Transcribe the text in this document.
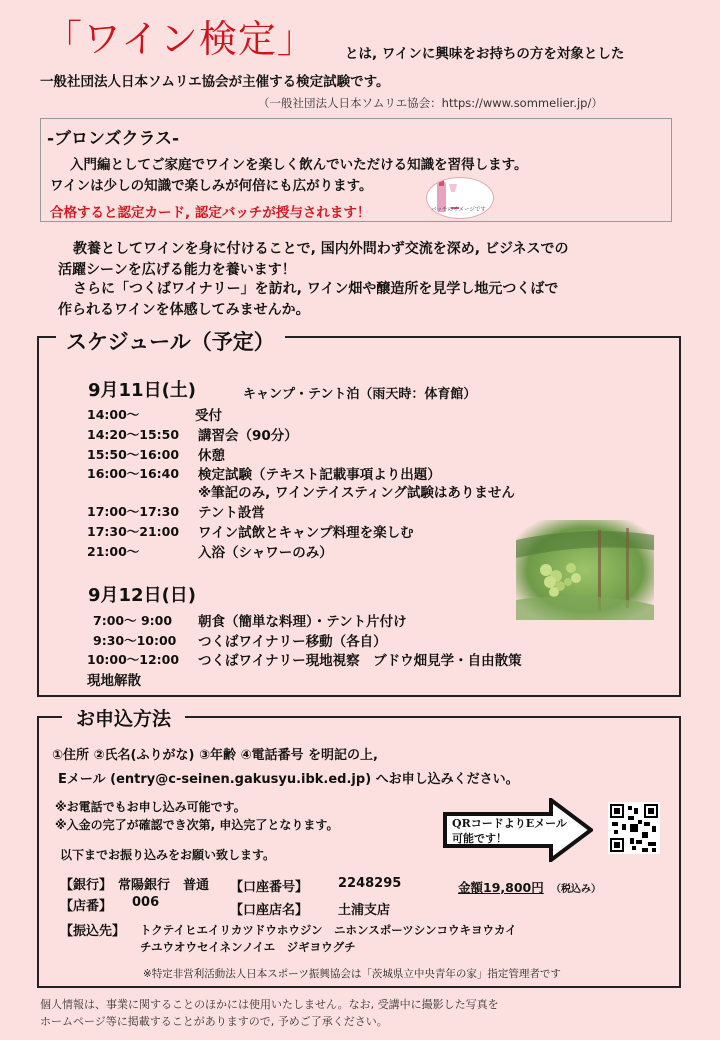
「ワイン検定」 とは, ワインに興味をお持ちの方を対象とした
一般社団法人日本ソムリエ協会が主催する検定試験です。
（一般社団法人日本ソムリエ協会：https://www.sommelier.jp/）
-ブロンズクラス-
入門編としてご家庭でワインを楽しく飲んでいただける知識を習得します。
ワインは少しの知識で楽しみが何倍にも広がります。
合格すると認定カード, 認定バッチが授与されます！	バッチのイメージです
教養としてワインを身に付けることで, 国内外問わず交流を深め, ビジネスでの
活躍シーンを広げる能力を養います！
さらに「つくばワイナリー」を訪れ, ワイン畑や醸造所を見学し地元つくばで
作られるワインを体感してみませんか。
スケジュール（予定）
9月11日(土)	キャンプ・テント泊（雨天時：体育館）
14:00〜	受付
14:20〜15:50 講習会（90分）
15:50〜16:00 休憩
16:00〜16:40 検定試験（テキスト記載事項より出題）
※筆記のみ, ワインテイスティング試験はありません
17:00〜17:30 テント設営
17:30〜21:00 ワイン試飲とキャンプ料理を楽しむ
21:00〜	入浴（シャワーのみ）
9月12日(日)
7:00〜 9:00 朝食（簡単な料理）・テント片付け
9:30〜10:00 つくばワイナリー移動（各自）
10:00〜12:00 つくばワイナリー現地視察　ブドウ畑見学・自由散策
現地解散
お申込方法
①住所 ②氏名(ふりがな) ③年齢 ④電話番号 を明記の上,
Eメール (entry@c-seinen.gakusyu.ibk.ed.jp) へお申し込みください。
※お電話でもお申し込み可能です。
※入金の完了が確認でき次第, 申込完了となります。
以下までお振り込みをお願い致します。
【銀行】 常陽銀行　普通 【口座番号】 2248295
【店番】 006
【口座店名】 土浦支店
【振込先】 トクテイヒエイリカツドウホウジン　ニホンスポーツシンコウキヨウカイ
チユウオウセイネンノイエ　ジギヨウグチ
QRコードよりEメール
可能です！
金額19,800円 （税込み）
※特定非営利活動法人日本スポーツ振興協会は「茨城県立中央青年の家」指定管理者です
個人情報は、事業に関することのほかには使用いたしません。なお, 受講中に撮影した写真を
ホームページ等に掲載することがありますので, 予めご了承ください。
